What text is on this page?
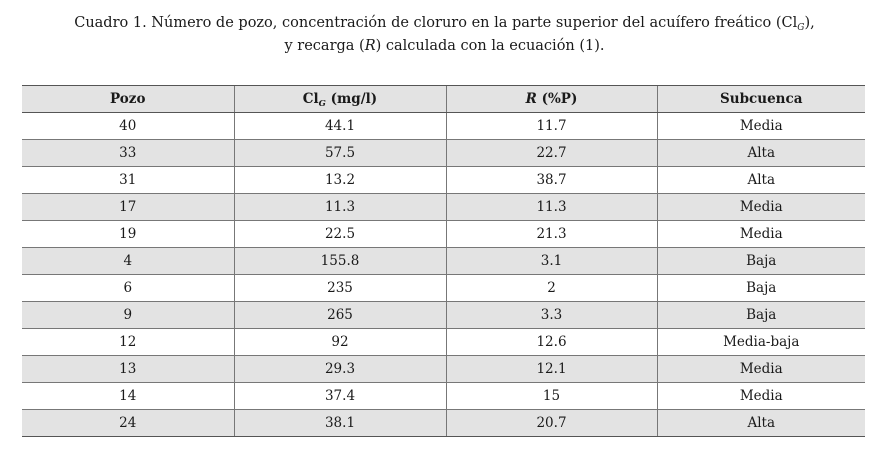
Cuadro 1. Número de pozo, concentración de cloruro en la parte superior del acuífero freático $(Cl_G)$,
y recarga (R) calculada con la ecuación (1).
Pozo	$Cl_G$ (mg/l)	R (%P)	Subcuenca
40	44.1	11.7	Media
33	57.5	22.7	Alta
31	13.2	38.7	Alta
17	11.3	11.3	Media
19	22.5	21.3	Media
4	155.8	3.1	Baja
6	235	2	Baja
9	265	3.3	Baja
12	92	12.6	Media-baja
13	29.3	12.1	Media
14	37.4	15	Media
24	38.1	20.7	Alta
